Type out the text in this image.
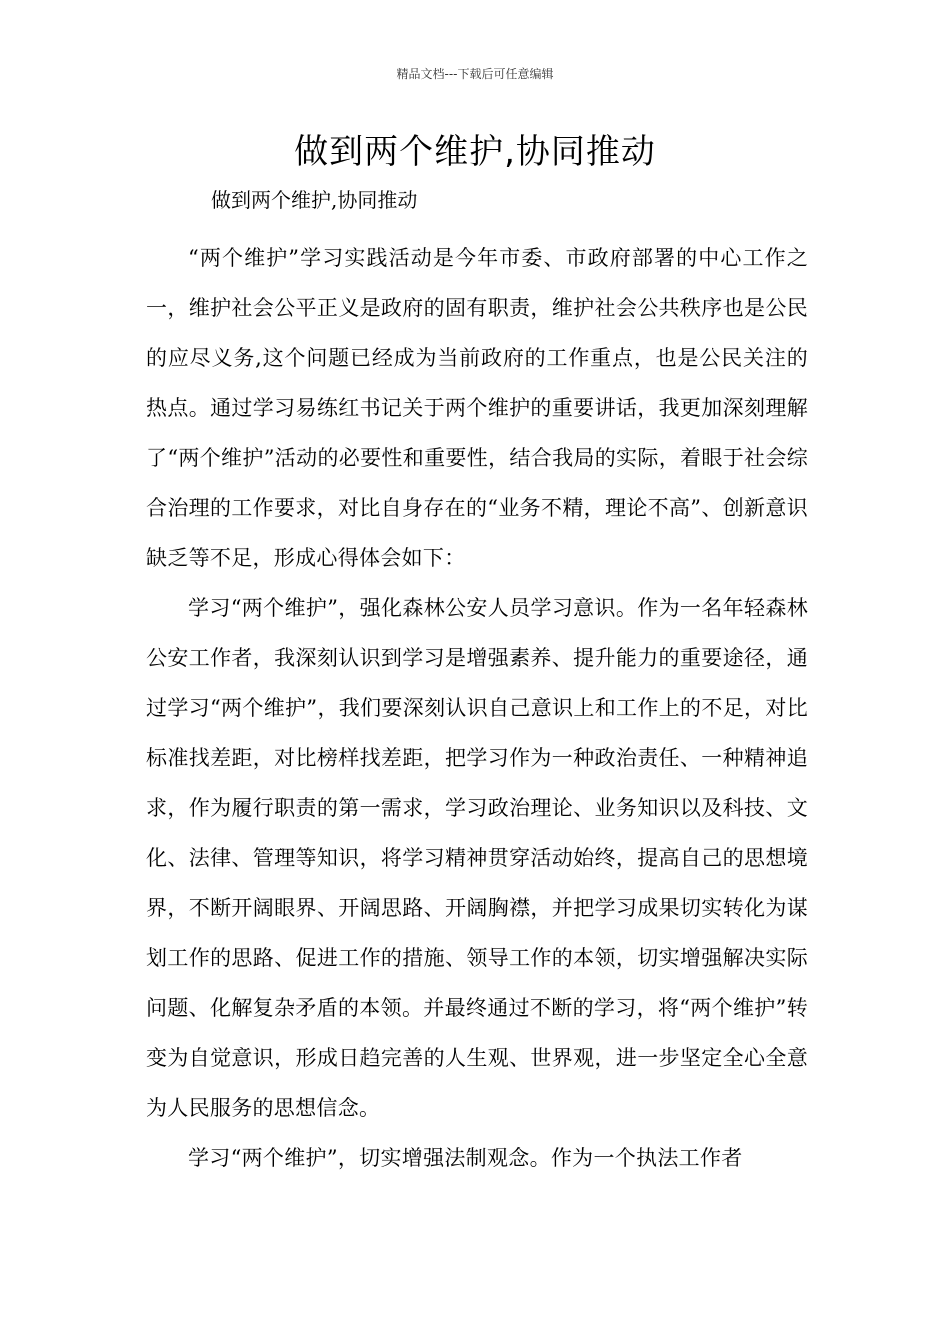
精品文档---下载后可任意编辑
做到两个维护,协同推动
做到两个维护,协同推动

“两个维护”学习实践活动是今年市委、市政府部署的中心工作之一，维护社会公平正义是政府的固有职责，维护社会公共秩序也是公民的应尽义务,这个问题已经成为当前政府的工作重点，也是公民关注的热点。通过学习易练红书记关于两个维护的重要讲话，我更加深刻理解了“两个维护”活动的必要性和重要性，结合我局的实际，着眼于社会综合治理的工作要求，对比自身存在的“业务不精，理论不高”、创新意识缺乏等不足，形成心得体会如下：

学习“两个维护”，强化森林公安人员学习意识。作为一名年轻森林公安工作者，我深刻认识到学习是增强素养、提升能力的重要途径，通过学习“两个维护”，我们要深刻认识自己意识上和工作上的不足，对比标准找差距，对比榜样找差距，把学习作为一种政治责任、一种精神追求，作为履行职责的第一需求，学习政治理论、业务知识以及科技、文化、法律、管理等知识，将学习精神贯穿活动始终，提高自己的思想境界，不断开阔眼界、开阔思路、开阔胸襟，并把学习成果切实转化为谋划工作的思路、促进工作的措施、领导工作的本领，切实增强解决实际问题、化解复杂矛盾的本领。并最终通过不断的学习，将“两个维护”转变为自觉意识，形成日趋完善的人生观、世界观，进一步坚定全心全意为人民服务的思想信念。

学习“两个维护”，切实增强法制观念。作为一个执法工作者
